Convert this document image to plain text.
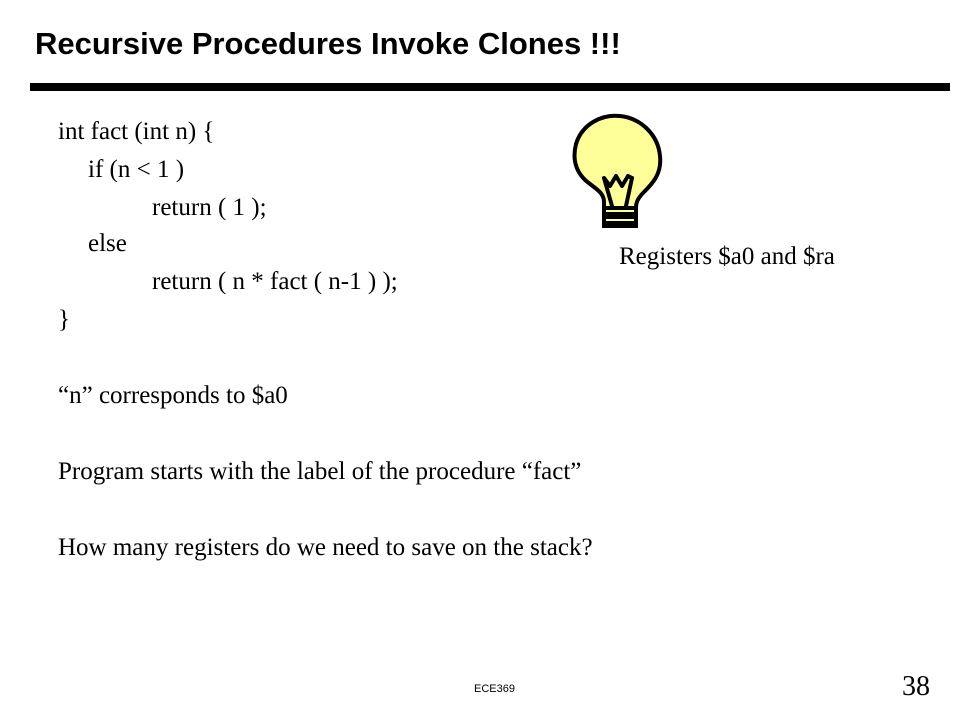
Recursive Procedures Invoke Clones !!!
int fact (int n) {
if (n < 1 )
return ( 1 );
else
return ( n * fact ( n-1 ) );
}
“n” corresponds to $a0
Program starts with the label of the procedure “fact”
How many registers do we need to save on the stack?
Registers $a0 and $ra
ECE369	38
